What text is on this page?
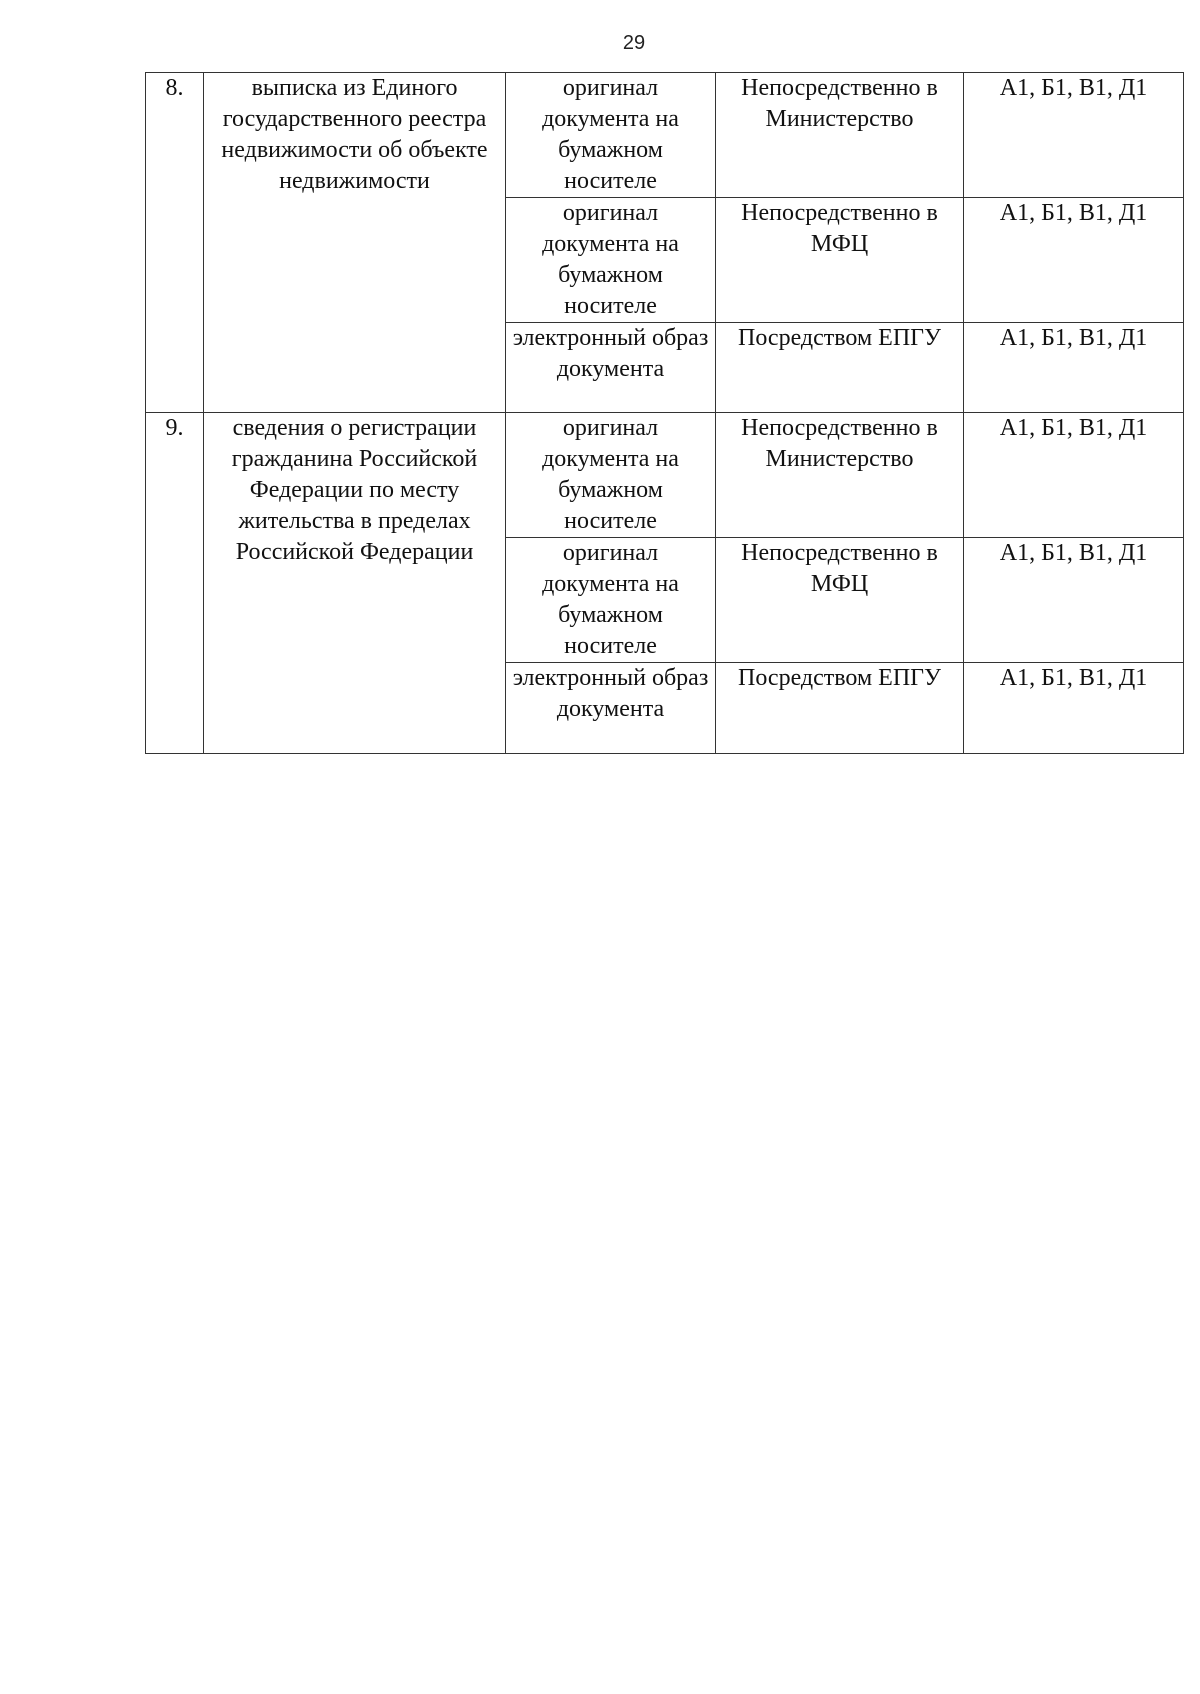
29
8.	выписка из Единого государственного реестра недвижимости об объекте недвижимости	оригинал документа на бумажном носителе	Непосредственно в Министерство	А1, Б1, В1, Д1
		оригинал документа на бумажном носителе	Непосредственно в МФЦ	А1, Б1, В1, Д1
		электронный образ документа	Посредством ЕПГУ	А1, Б1, В1, Д1
9.	сведения о регистрации гражданина Российской Федерации по месту жительства в пределах Российской Федерации	оригинал документа на бумажном носителе	Непосредственно в Министерство	А1, Б1, В1, Д1
		оригинал документа на бумажном носителе	Непосредственно в МФЦ	А1, Б1, В1, Д1
		электронный образ документа	Посредством ЕПГУ	А1, Б1, В1, Д1
